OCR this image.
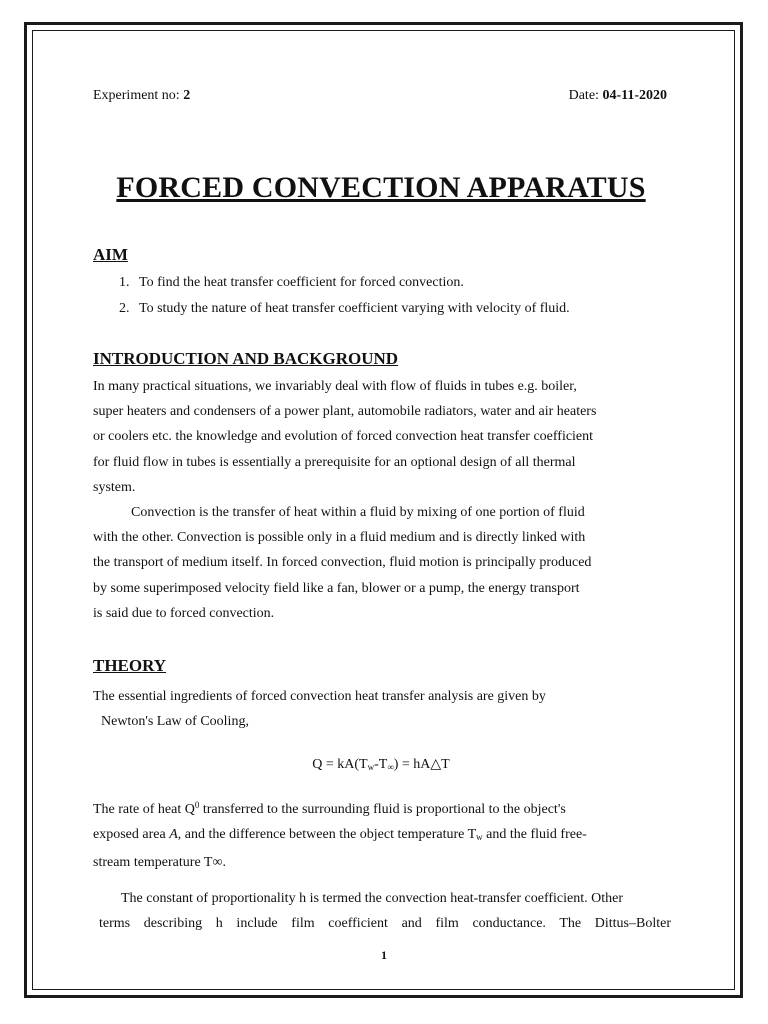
Experiment no: 2	Date: 04-11-2020
FORCED CONVECTION APPARATUS
AIM
1. To find the heat transfer coefficient for forced convection.
2. To study the nature of heat transfer coefficient varying with velocity of fluid.
INTRODUCTION AND BACKGROUND
In many practical situations, we invariably deal with flow of fluids in tubes e.g. boiler,
super heaters and condensers of a power plant, automobile radiators, water and air heaters
or coolers etc. the knowledge and evolution of forced convection heat transfer coefficient
for fluid flow in tubes is essentially a prerequisite for an optional design of all thermal
system.
Convection is the transfer of heat within a fluid by mixing of one portion of fluid
with the other. Convection is possible only in a fluid medium and is directly linked with
the transport of medium itself. In forced convection, fluid motion is principally produced
by some superimposed velocity field like a fan, blower or a pump, the energy transport
is said due to forced convection.
THEORY
The essential ingredients of forced convection heat transfer analysis are given by
Newton's Law of Cooling,
$Q = kA(T_w-T_\infty)$ = hA△T
The rate of heat $Q^0$ transferred to the surrounding fluid is proportional to the object's
exposed area A, and the difference between the object temperature $T_w$ and the fluid free-
stream temperature T∞.
The constant of proportionality h is termed the convection heat-transfer coefficient. Other
terms describing h include film coefficient and film conductance. The Dittus–Bolter
1
